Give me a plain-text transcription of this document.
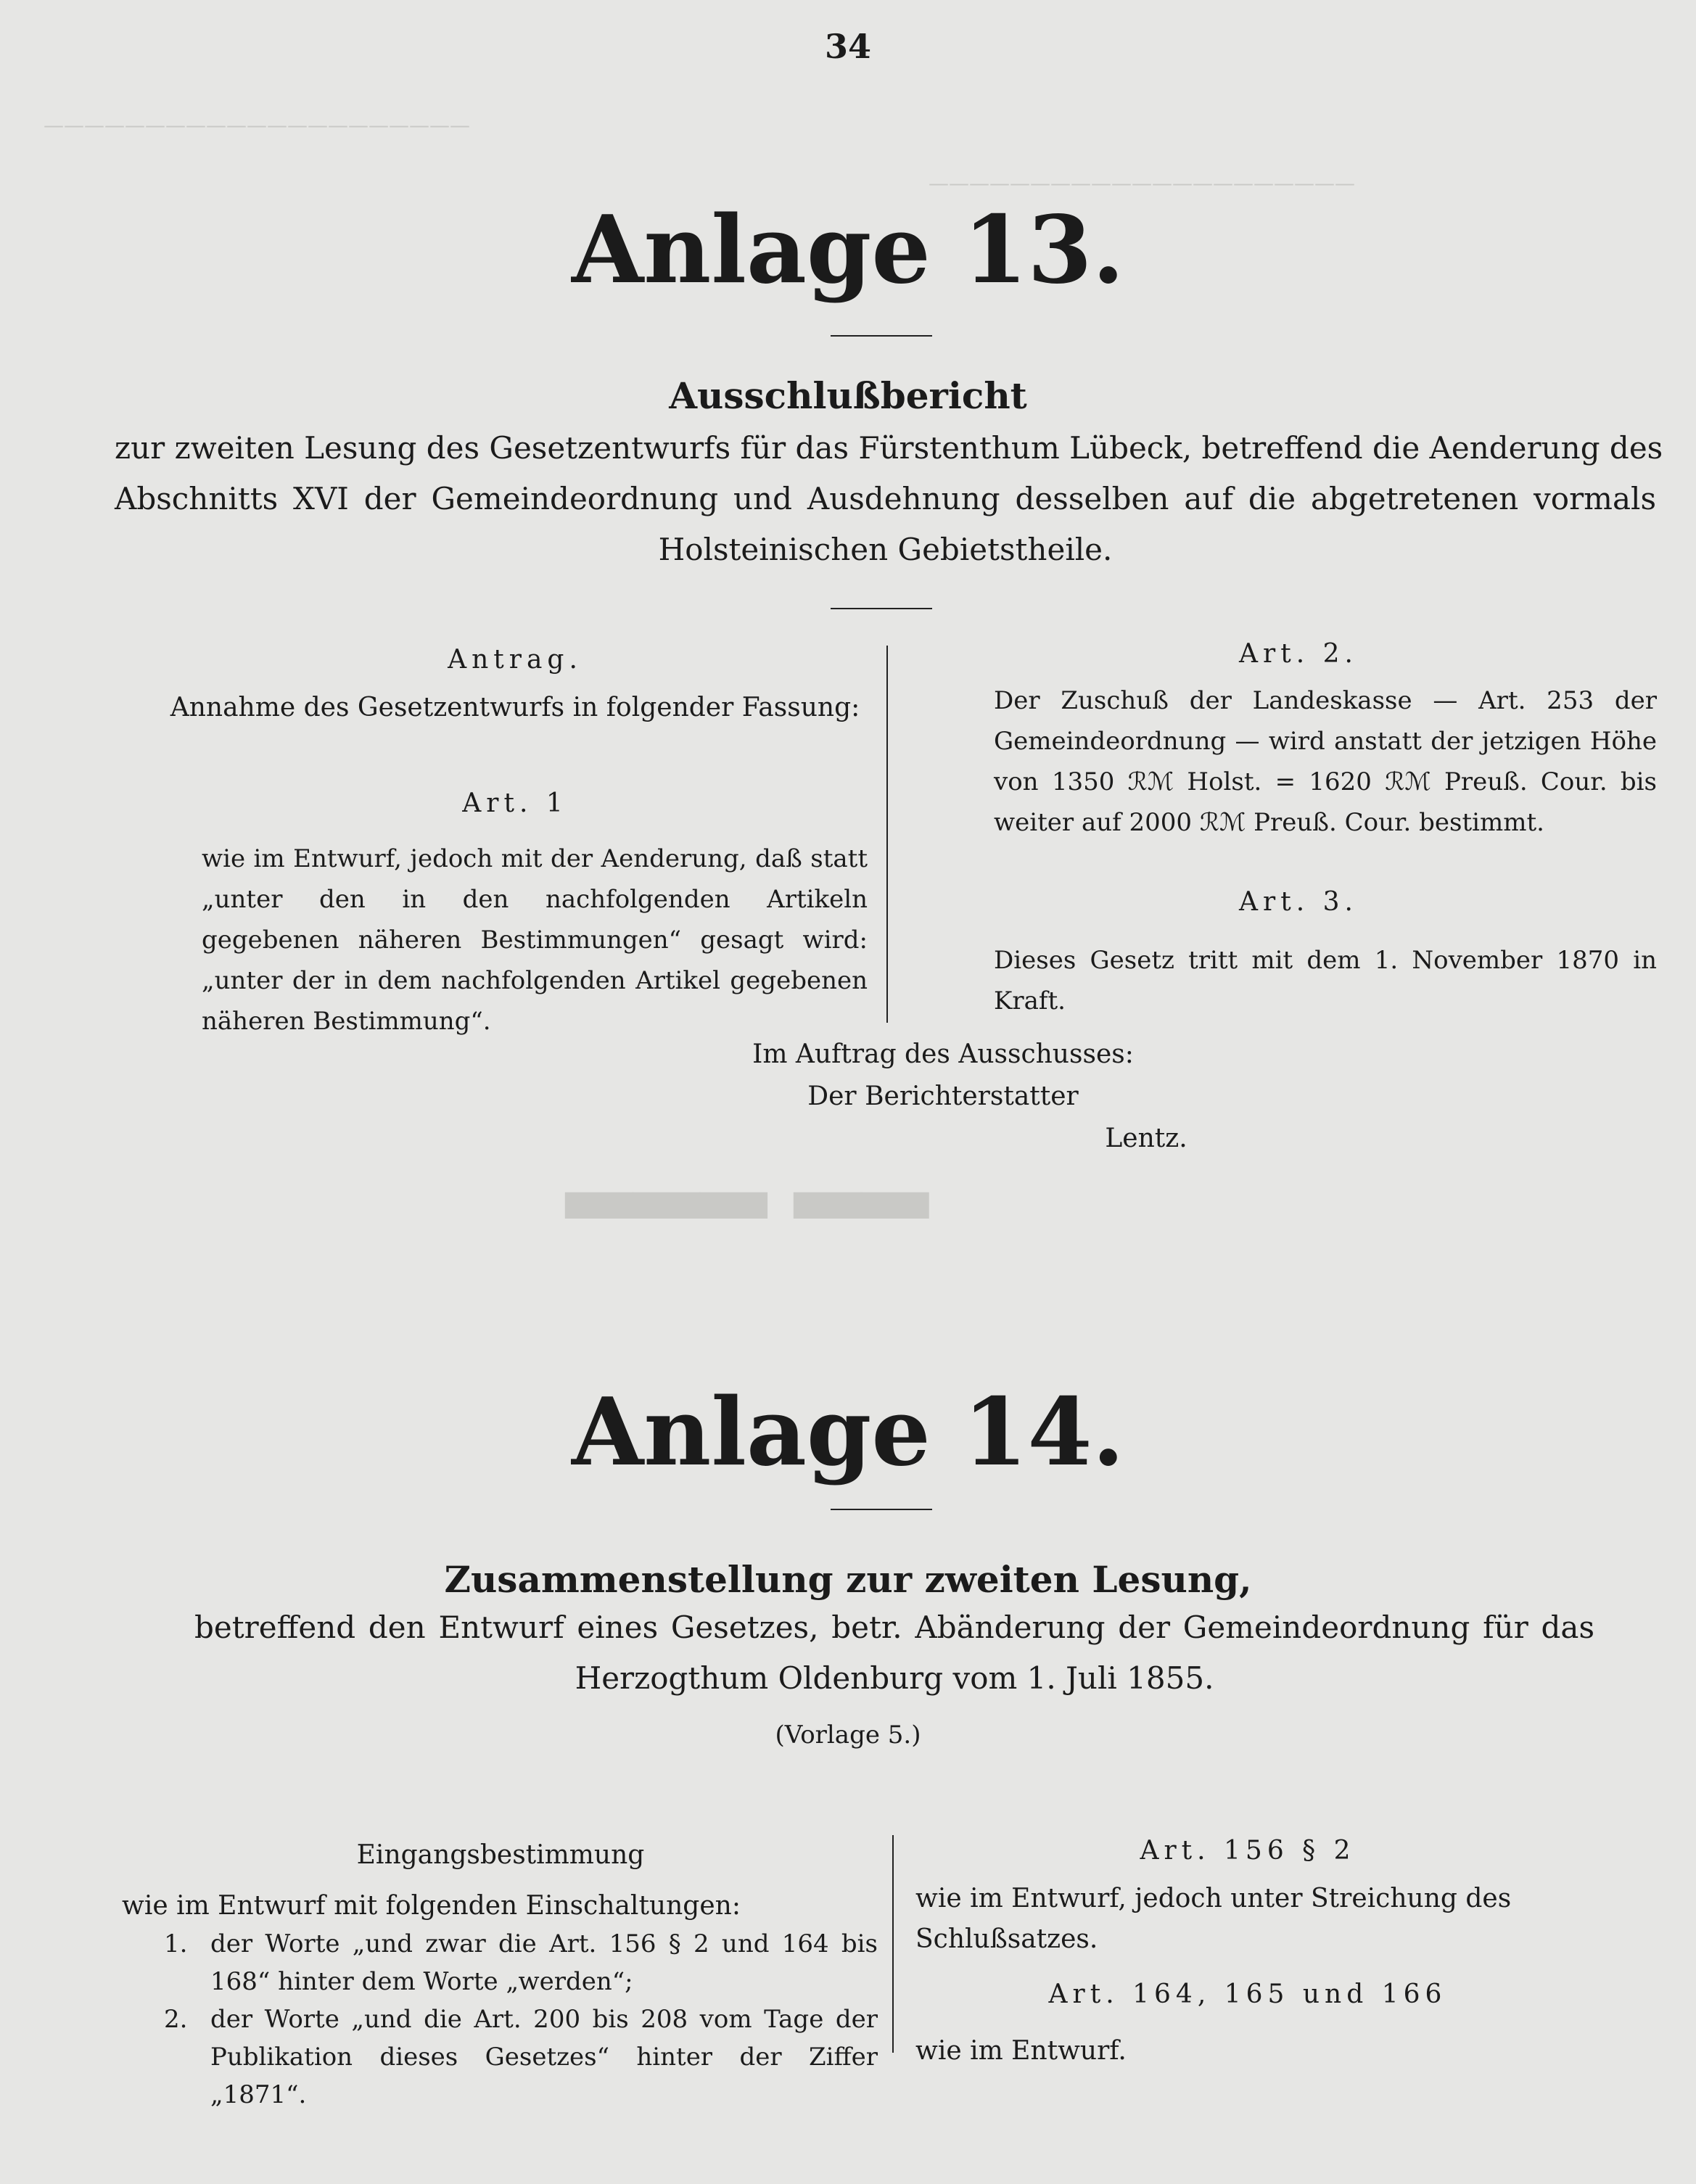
—————————————————————
—————————————————————
▂▂▂ ▂▂
34
Anlage 13.
Ausschlußbericht
zur zweiten Lesung des Gesetzentwurfs für das Fürstenthum Lübeck, betreffend die Aenderung des
Abschnitts XVI der Gemeindeordnung und Ausdehnung desselben auf die abgetretenen vormals
Holsteinischen Gebietstheile.
Antrag.
Annahme des Gesetzentwurfs in folgender Fassung:
Art. 1
wie im Entwurf, jedoch mit der Aenderung, daß statt „unter den in den nachfolgenden Artikeln gegebenen näheren Bestimmungen“ gesagt wird: „unter der in dem nachfolgenden Artikel gegebenen näheren Bestimmung“.
Art. 2.
Der Zuschuß der Landeskasse — Art. 253 der Gemeindeordnung — wird anstatt der jetzigen Höhe von 1350 ℛℳ Holst. = 1620 ℛℳ Preuß. Cour. bis weiter auf 2000 ℛℳ Preuß. Cour. bestimmt.
Art. 3.
Dieses Gesetz tritt mit dem 1. November 1870 in Kraft.
Im Auftrag des Ausschusses:
Der Berichterstatter
Lentz.
Anlage 14.
Zusammenstellung zur zweiten Lesung,
betreffend den Entwurf eines Gesetzes, betr. Abänderung der Gemeindeordnung für das
Herzogthum Oldenburg vom 1. Juli 1855.
(Vorlage 5.)
Eingangsbestimmung
wie im Entwurf mit folgenden Einschaltungen:
1. der Worte „und zwar die Art. 156 § 2 und 164 bis 168“ hinter dem Worte „werden“;
2. der Worte „und die Art. 200 bis 208 vom Tage der Publikation dieses Gesetzes“ hinter der Ziffer „1871“.
Art. 156 § 2
wie im Entwurf, jedoch unter Streichung des Schlußsatzes.
Art. 164, 165 und 166
wie im Entwurf.
